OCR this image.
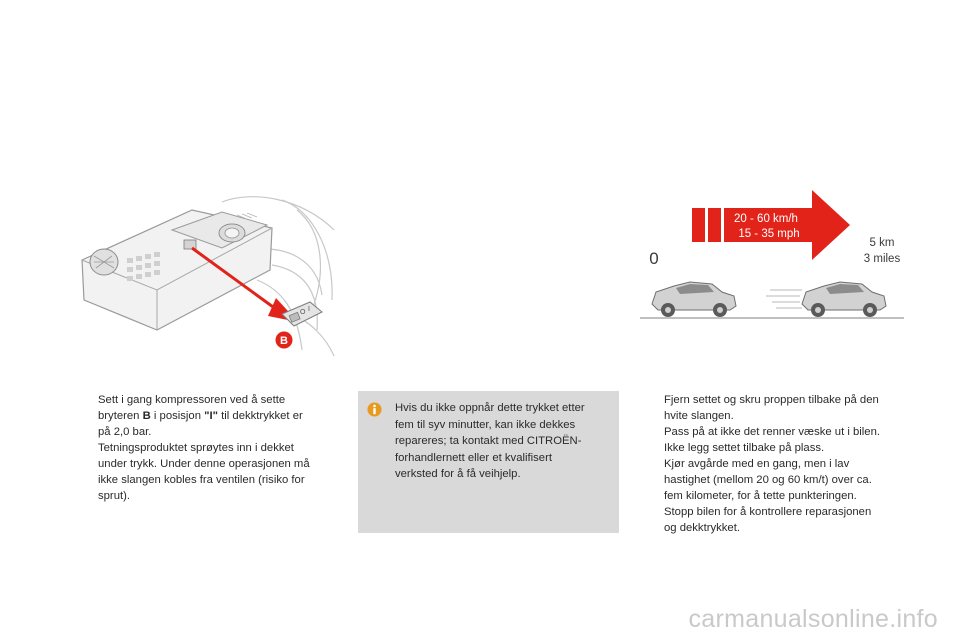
O I
B
20 - 60 km/h
15 - 35 mph
0
5 km
3 miles

Sett i gang kompressoren ved å sette

bryteren B i posisjon "I" til dekktrykket er

på 2,0 bar.

Tetningsproduktet sprøytes inn i dekket

under trykk. Under denne operasjonen må

ikke slangen kobles fra ventilen (risiko for

sprut).

Hvis du ikke oppnår dette trykket etter
fem til syv minutter, kan ikke dekkes
repareres; ta kontakt med CITROËN-
forhandlernett eller et kvalifisert
verksted for å få veihjelp.

Fjern settet og skru proppen tilbake på den

hvite slangen.

Pass på at ikke det renner væske ut i bilen.

Ikke legg settet tilbake på plass.

Kjør avgårde med en gang, men i lav

hastighet (mellom 20 og 60 km/t) over ca.

fem kilometer, for å tette punkteringen.

Stopp bilen for å kontrollere reparasjonen

og dekktrykket.

carmanualsonline.info
